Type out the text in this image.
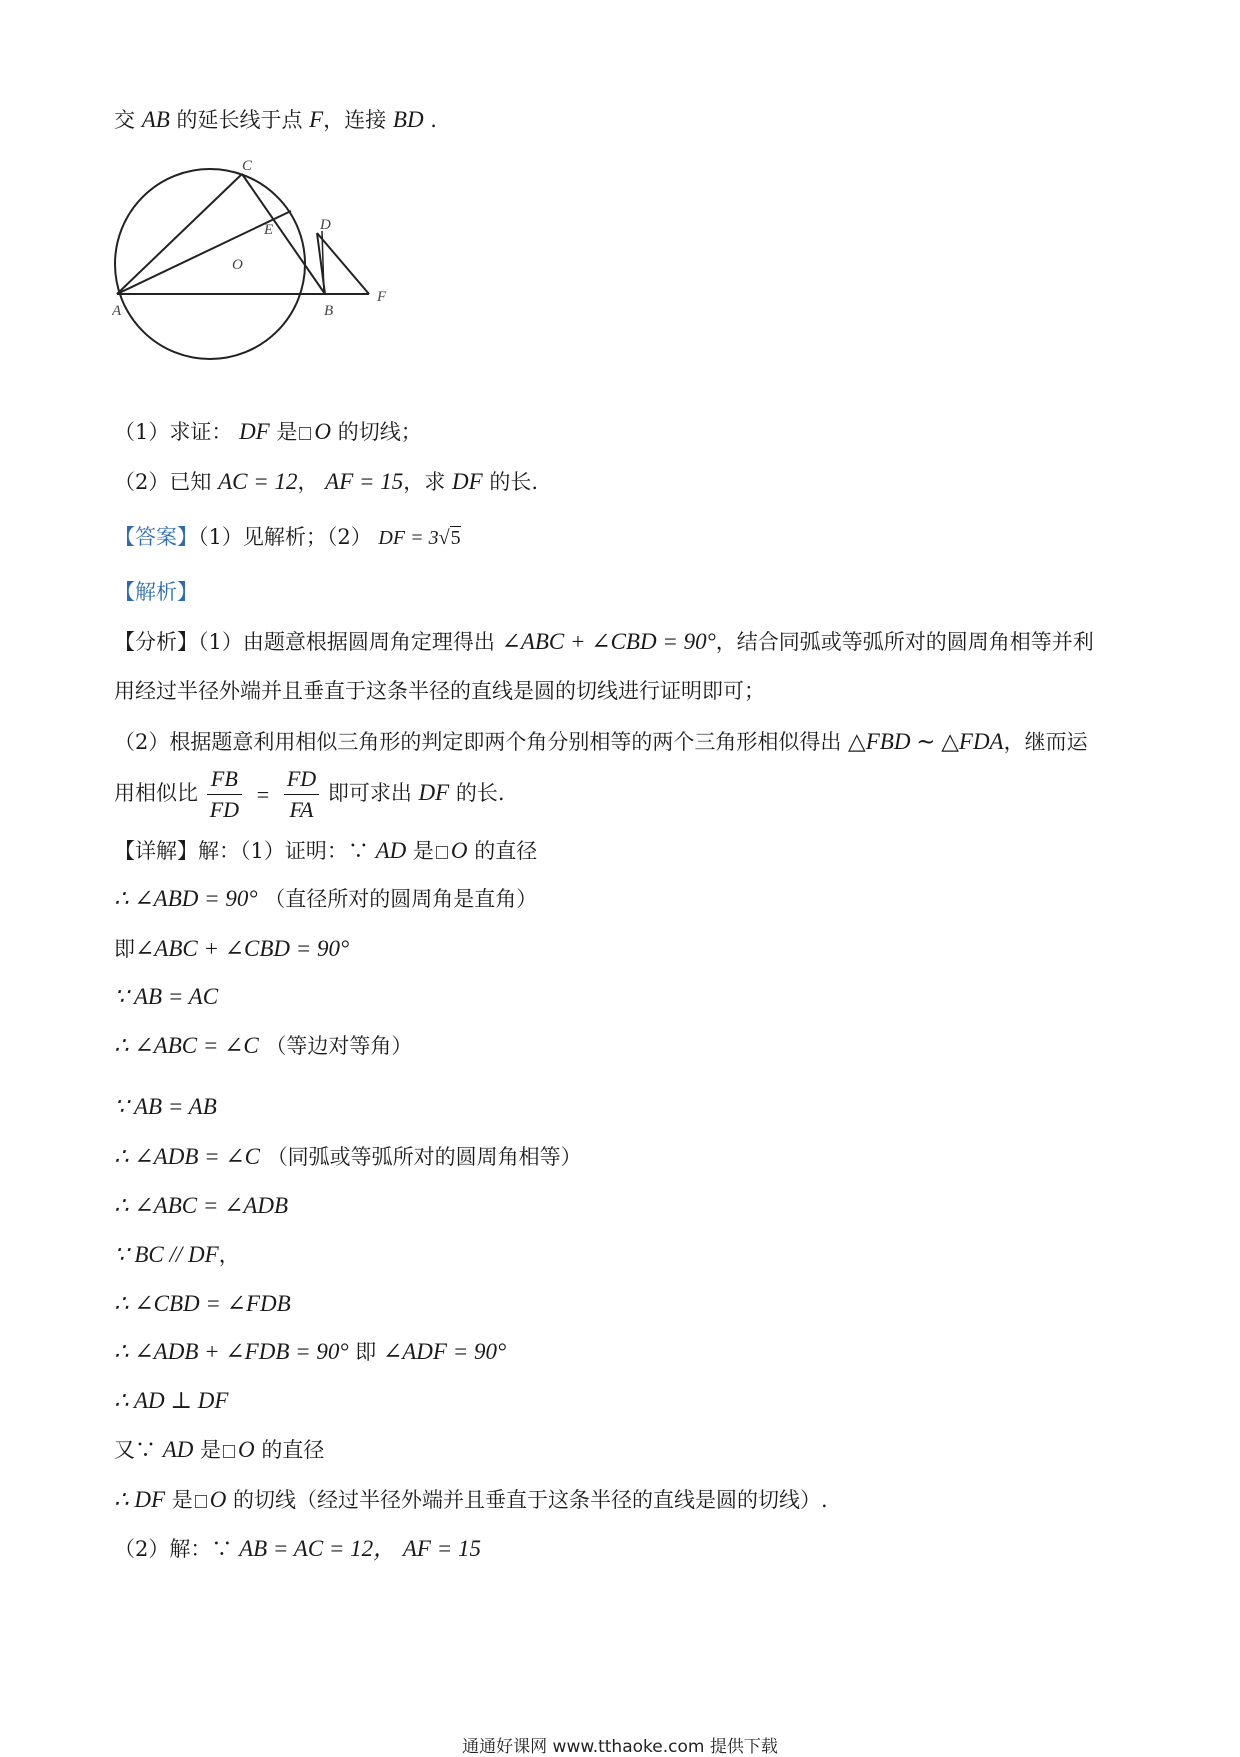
交 AB 的延长线于点 F，连接 BD .
C
D
E
O
A	B
F
（1）求证： DF 是 O 的切线；
（2）已知 AC = 12， AF = 15，求 DF 的长.
【答案】（1）见解析；（2） DF = 3√5
【解析】
【分析】（1）由题意根据圆周角定理得出 ∠ABC + ∠CBD = 90°，结合同弧或等弧所对的圆周角相等并利
用经过半径外端并且垂直于这条半径的直线是圆的切线进行证明即可；
（2）根据题意利用相似三角形的判定即两个角分别相等的两个三角形相似得出 △FBD ∼ △FDA，继而运
用相似比 $\frac{FB}{FD} = \frac{FD}{FA}$ 即可求出 DF 的长.
【详解】解：（1）证明：∵ AD 是 O 的直径
∴ ∠ABD = 90° （直径所对的圆周角是直角）
即∠ABC + ∠CBD = 90°
∵ AB = AC
∴ ∠ABC = ∠C （等边对等角）
∵ AB = AB
∴ ∠ADB = ∠C （同弧或等弧所对的圆周角相等）
∴ ∠ABC = ∠ADB
∵ BC // DF，
∴ ∠CBD = ∠FDB
∴ ∠ADB + ∠FDB = 90° 即 ∠ADF = 90°
∴ AD ⊥ DF
又∵ AD 是 O 的直径
∴ DF 是 O 的切线（经过半径外端并且垂直于这条半径的直线是圆的切线）.
（2）解：∵ AB = AC = 12， AF = 15
通通好课网 www.tthaoke.com 提供下载
